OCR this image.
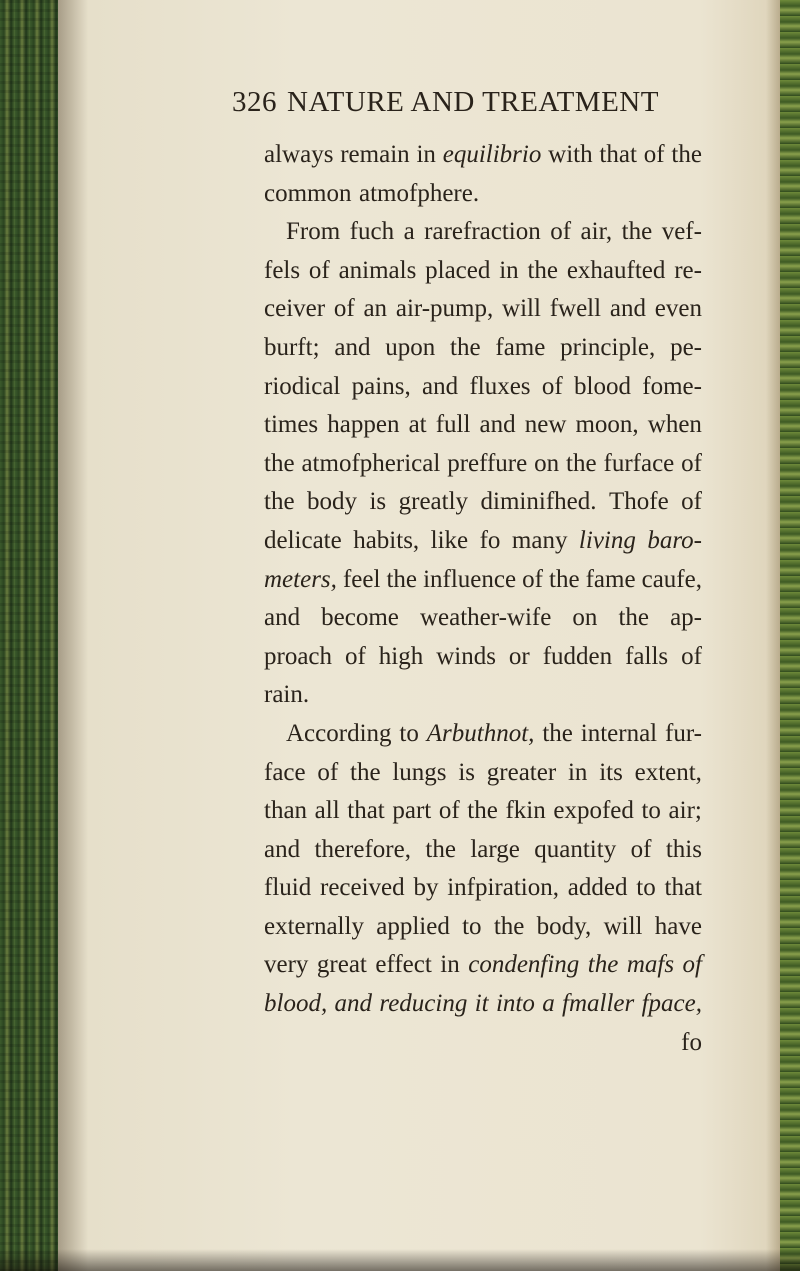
326 NATURE AND TREATMENT
always remain in equilibrio with that of the
common atmofphere.
From fuch a rarefraction of air, the vef-
fels of animals placed in the exhaufted re-
ceiver of an air-pump, will fwell and even
burft; and upon the fame principle, pe-
riodical pains, and fluxes of blood fome-
times happen at full and new moon, when
the atmofpherical preffure on the furface of
the body is greatly diminifhed. Thofe of
delicate habits, like fo many living baro-
meters, feel the influence of the fame caufe,
and become weather-wife on the ap-
proach of high winds or fudden falls of
rain.
According to Arbuthnot, the internal fur-
face of the lungs is greater in its extent,
than all that part of the fkin expofed to air;
and therefore, the large quantity of this
fluid received by infpiration, added to that
externally applied to the body, will have
very great effect in condenfing the mafs of
blood, and reducing it into a fmaller fpace,
fo
